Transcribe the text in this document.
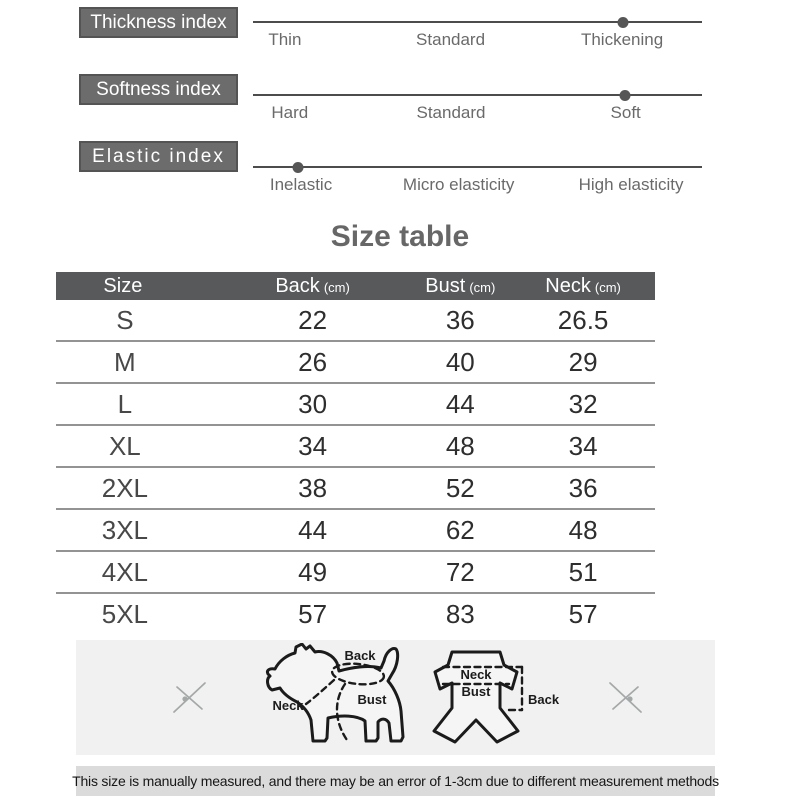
Thickness index
Thin	Standard	Thickening
Softness index
Hard	Standard	Soft
Elastic index
Inelastic	Micro elasticity	High elasticity
Size table
Size	Back (cm)	Bust (cm)	Neck (cm)
S	22	36	26.5
M	26	40	29
L	30	44	32
XL	34	48	34
2XL	38	52	36
3XL	44	62	48
4XL	49	72	51
5XL	57	83	57
Back
Neck	Bust
Neck
Bust
Back
This size is manually measured, and there may be an error of 1-3cm due to different measurement methods
